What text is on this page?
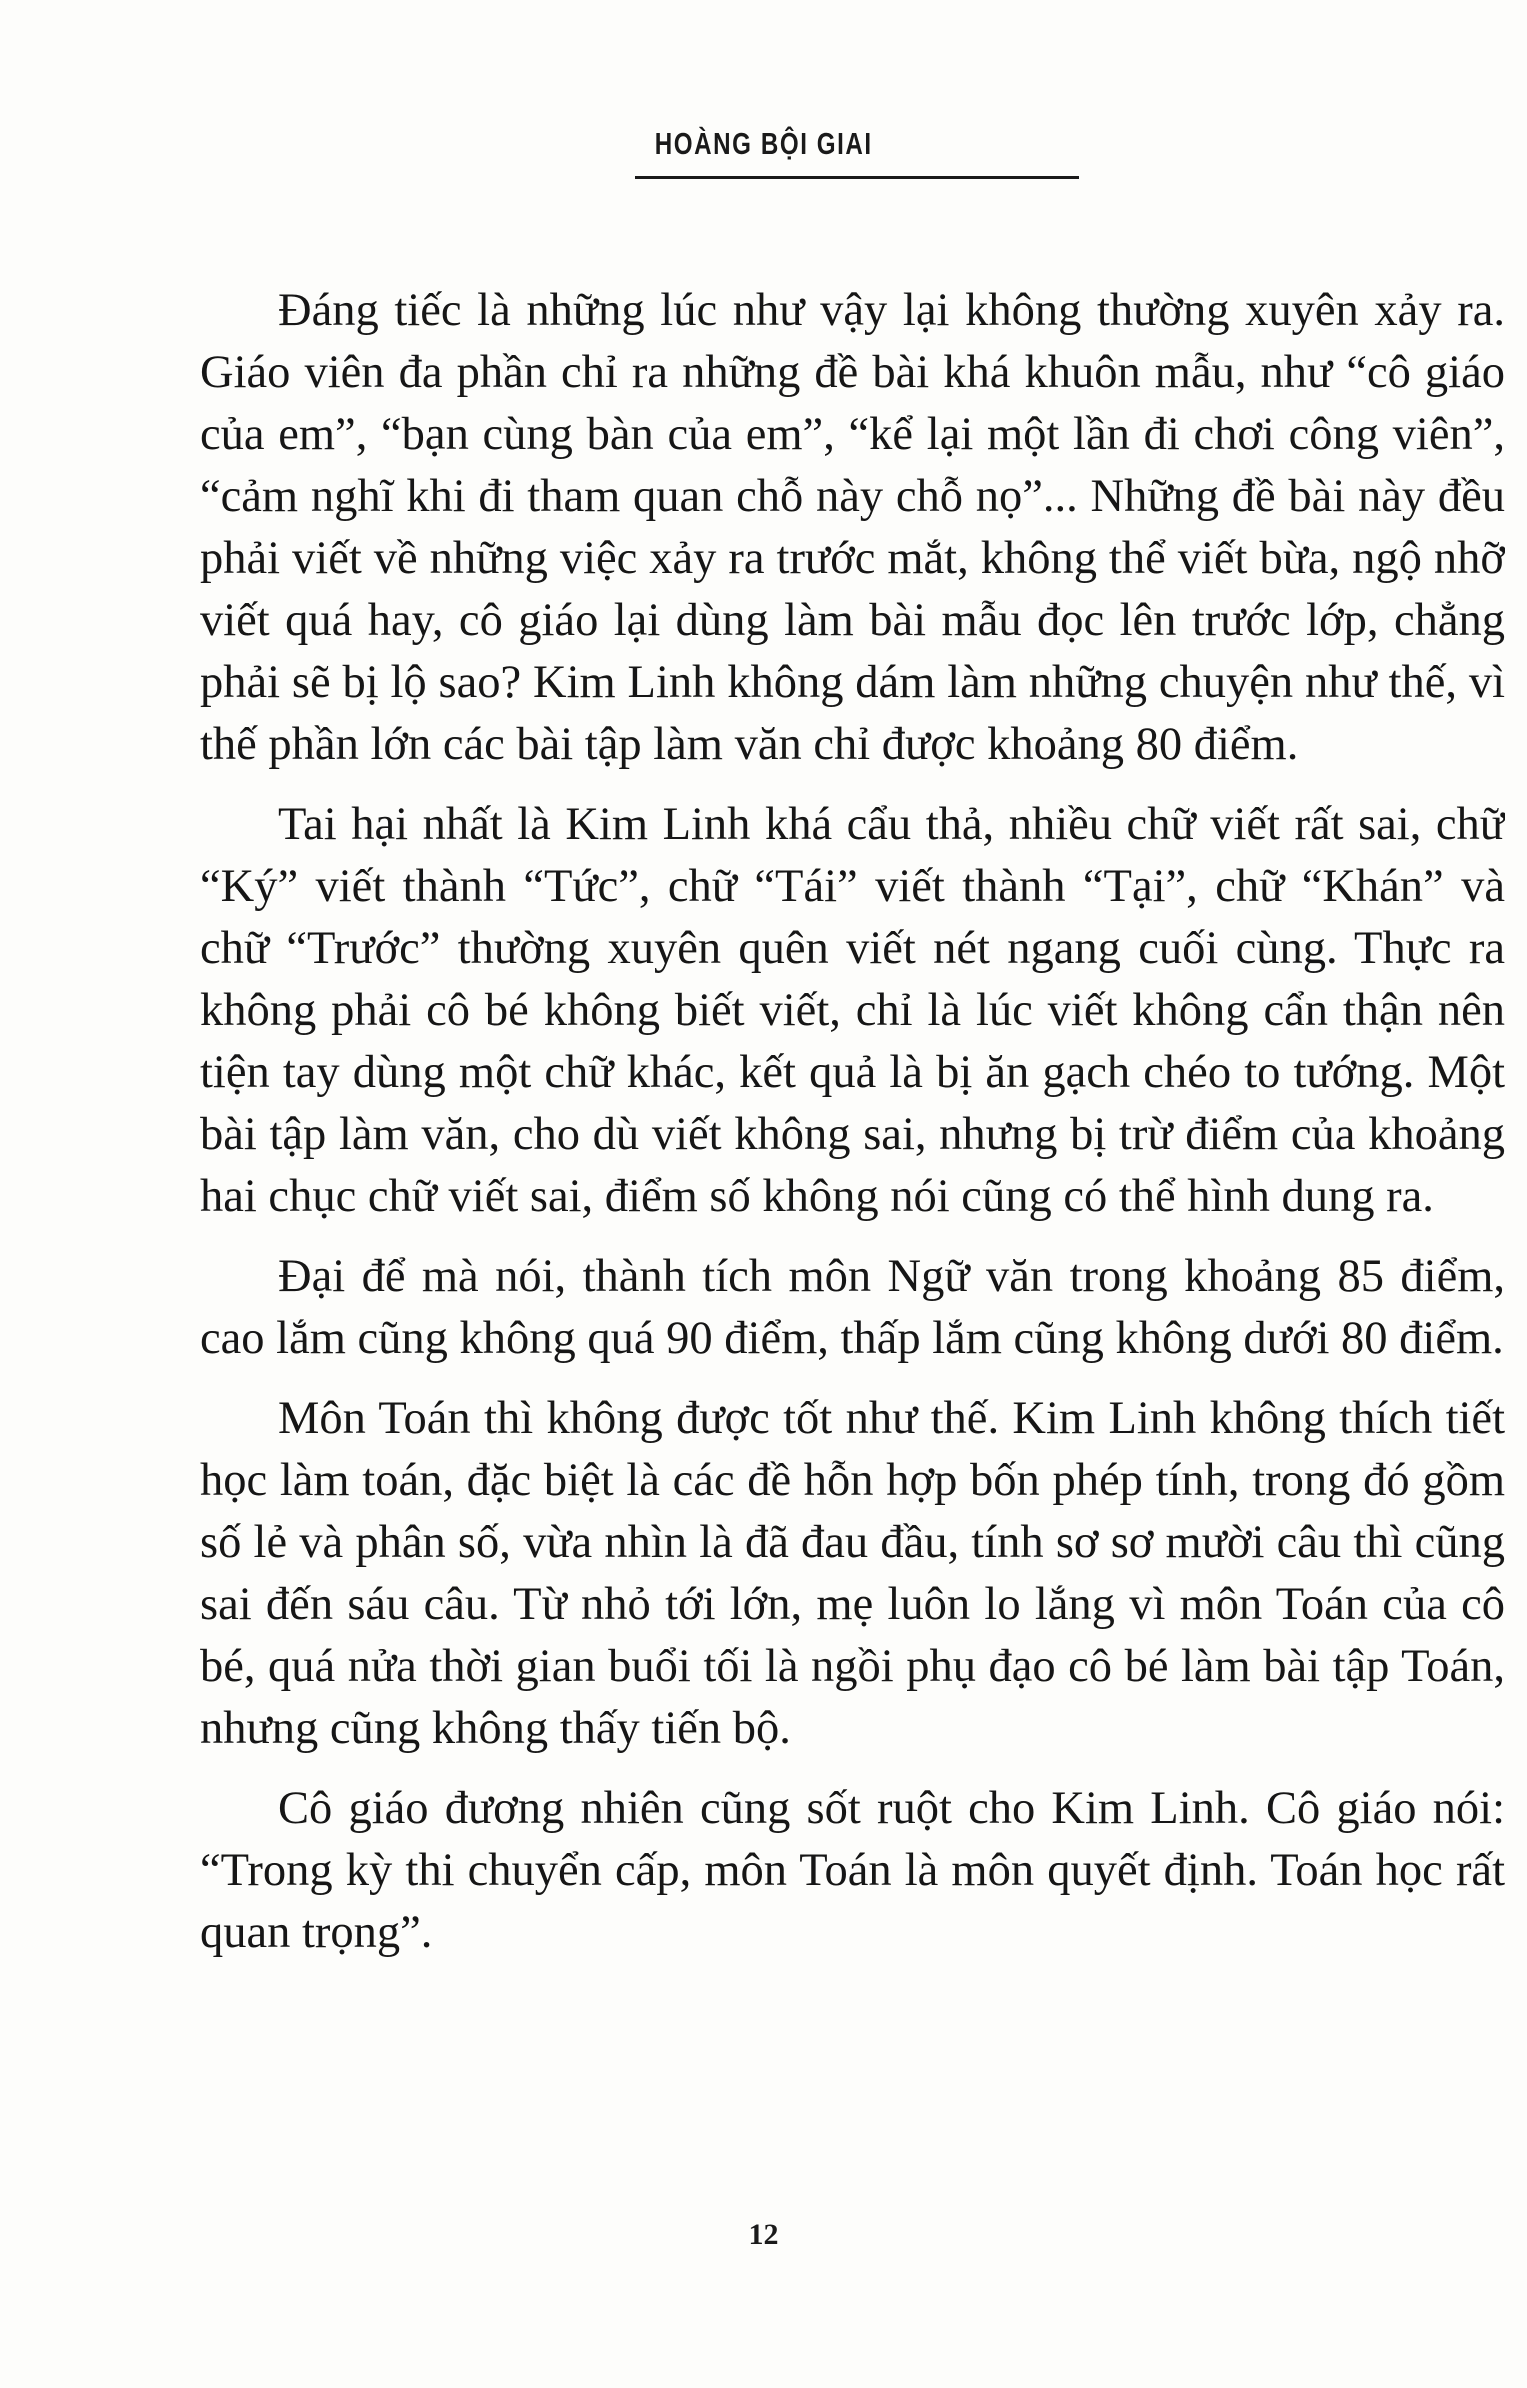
HOÀNG BỘI GIAI

Đáng tiếc là những lúc như vậy lại không thường xuyên xảy ra. Giáo viên đa phần chỉ ra những đề bài khá khuôn mẫu, như “cô giáo của em”, “bạn cùng bàn của em”, “kể lại một lần đi chơi công viên”, “cảm nghĩ khi đi tham quan chỗ này chỗ nọ”... Những đề bài này đều phải viết về những việc xảy ra trước mắt, không thể viết bừa, ngộ nhỡ viết quá hay, cô giáo lại dùng làm bài mẫu đọc lên trước lớp, chẳng phải sẽ bị lộ sao? Kim Linh không dám làm những chuyện như thế, vì thế phần lớn các bài tập làm văn chỉ được khoảng 80 điểm.

Tai hại nhất là Kim Linh khá cẩu thả, nhiều chữ viết rất sai, chữ “Ký” viết thành “Tức”, chữ “Tái” viết thành “Tại”, chữ “Khán” và chữ “Trước” thường xuyên quên viết nét ngang cuối cùng. Thực ra không phải cô bé không biết viết, chỉ là lúc viết không cẩn thận nên tiện tay dùng một chữ khác, kết quả là bị ăn gạch chéo to tướng. Một bài tập làm văn, cho dù viết không sai, nhưng bị trừ điểm của khoảng hai chục chữ viết sai, điểm số không nói cũng có thể hình dung ra.

Đại để mà nói, thành tích môn Ngữ văn trong khoảng 85 điểm, cao lắm cũng không quá 90 điểm, thấp lắm cũng không dưới 80 điểm.

Môn Toán thì không được tốt như thế. Kim Linh không thích tiết học làm toán, đặc biệt là các đề hỗn hợp bốn phép tính, trong đó gồm số lẻ và phân số, vừa nhìn là đã đau đầu, tính sơ sơ mười câu thì cũng sai đến sáu câu. Từ nhỏ tới lớn, mẹ luôn lo lắng vì môn Toán của cô bé, quá nửa thời gian buổi tối là ngồi phụ đạo cô bé làm bài tập Toán, nhưng cũng không thấy tiến bộ.

Cô giáo đương nhiên cũng sốt ruột cho Kim Linh. Cô giáo nói: “Trong kỳ thi chuyển cấp, môn Toán là môn quyết định. Toán học rất quan trọng”.

12
